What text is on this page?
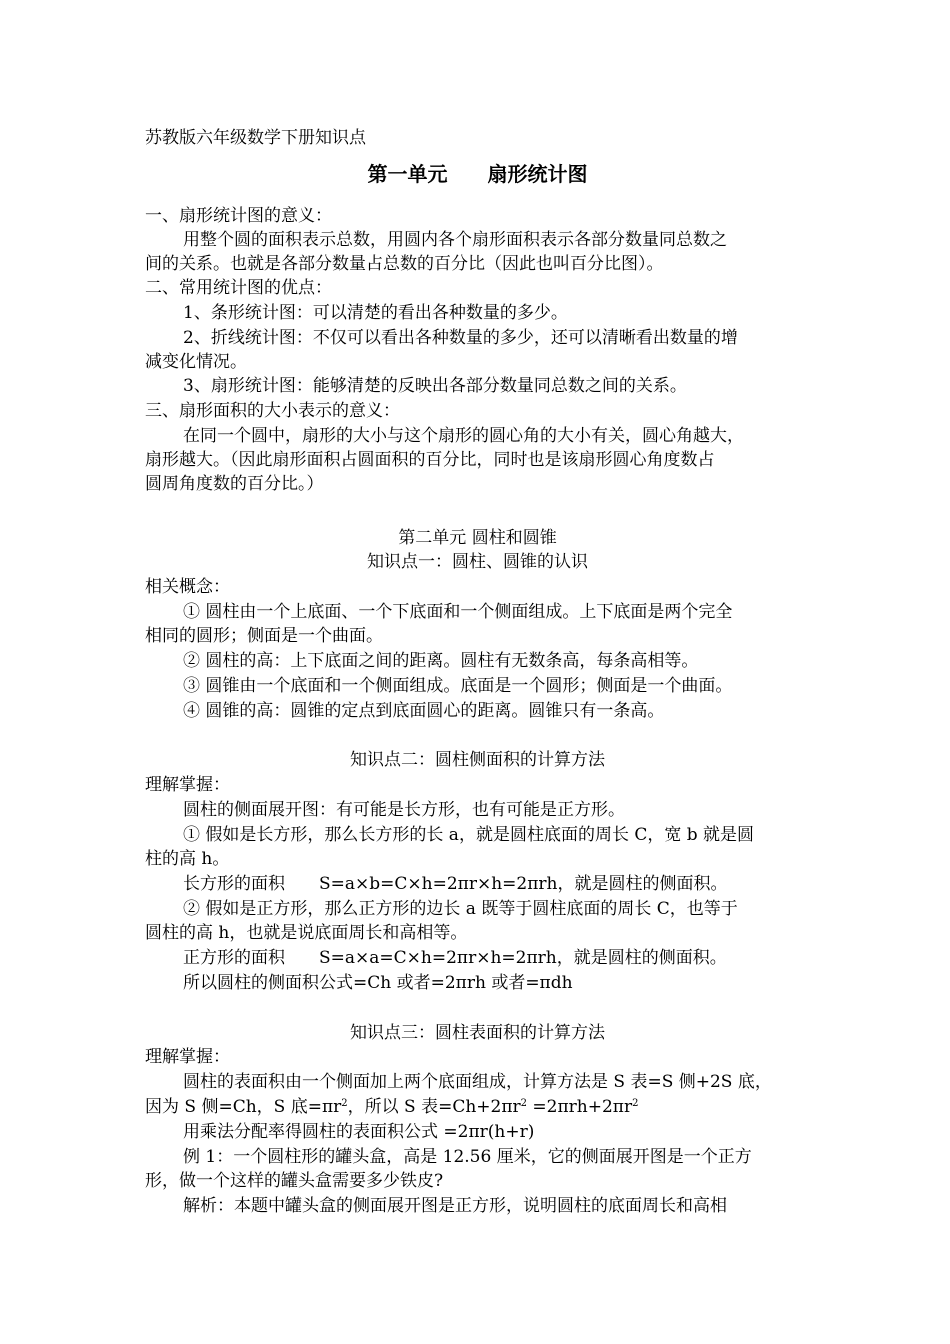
苏教版六年级数学下册知识点
第一单元　　扇形统计图
一、扇形统计图的意义：
用整个圆的面积表示总数，用圆内各个扇形面积表示各部分数量同总数之
间的关系。也就是各部分数量占总数的百分比（因此也叫百分比图）。
二、常用统计图的优点：
1、条形统计图：可以清楚的看出各种数量的多少。
2、折线统计图：不仅可以看出各种数量的多少，还可以清晰看出数量的增
减变化情况。
3、扇形统计图：能够清楚的反映出各部分数量同总数之间的关系。
三、扇形面积的大小表示的意义：
在同一个圆中，扇形的大小与这个扇形的圆心角的大小有关，圆心角越大，
扇形越大。（因此扇形面积占圆面积的百分比，同时也是该扇形圆心角度数占
圆周角度数的百分比。）
第二单元 圆柱和圆锥
知识点一：圆柱、圆锥的认识
相关概念：
① 圆柱由一个上底面、一个下底面和一个侧面组成。上下底面是两个完全
相同的圆形；侧面是一个曲面。
② 圆柱的高：上下底面之间的距离。圆柱有无数条高，每条高相等。
③ 圆锥由一个底面和一个侧面组成。底面是一个圆形；侧面是一个曲面。
④ 圆锥的高：圆锥的定点到底面圆心的距离。圆锥只有一条高。
知识点二：圆柱侧面积的计算方法
理解掌握：
圆柱的侧面展开图：有可能是长方形，也有可能是正方形。
① 假如是长方形，那么长方形的长 a，就是圆柱底面的周长 C，宽 b 就是圆
柱的高 h。
长方形的面积　　S=a×b=C×h=2πr×h=2πrh，就是圆柱的侧面积。
② 假如是正方形，那么正方形的边长 a 既等于圆柱底面的周长 C，也等于
圆柱的高 h，也就是说底面周长和高相等。
正方形的面积　　S=a×a=C×h=2πr×h=2πrh，就是圆柱的侧面积。
所以圆柱的侧面积公式=Ch 或者=2πrh 或者=πdh
知识点三：圆柱表面积的计算方法
理解掌握：
圆柱的表面积由一个侧面加上两个底面组成，计算方法是 S 表=S 侧+2S 底，
因为 S 侧=Ch，S 底$=\pi r^2$，所以 S 表$=Ch+2\pi r^2 =2\pi rh+2\pi r^2$
用乘法分配率得圆柱的表面积公式 =2πr(h+r)
例 1：一个圆柱形的罐头盒，高是 12.56 厘米，它的侧面展开图是一个正方
形，做一个这样的罐头盒需要多少铁皮?
解析：本题中罐头盒的侧面展开图是正方形，说明圆柱的底面周长和高相
